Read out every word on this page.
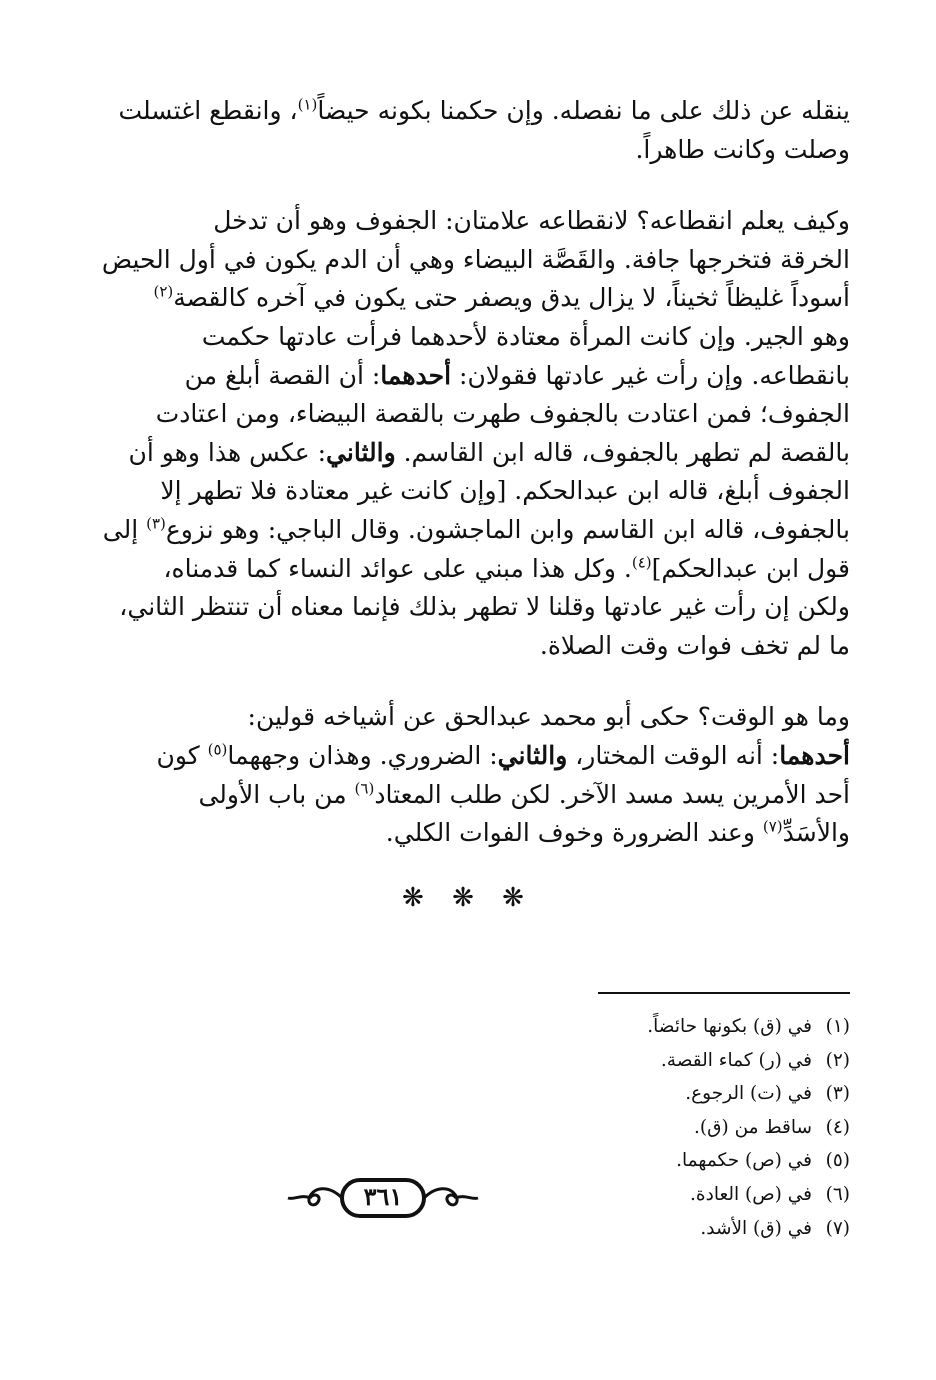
ينقله عن ذلك على ما نفصله. وإن حكمنا بكونه حيضاً$^{(١)}$، وانقطع اغتسلت
وصلت وكانت طاهراً.

وكيف يعلم انقطاعه؟ لانقطاعه علامتان: الجفوف وهو أن تدخل
الخرقة فتخرجها جافة. والقَصَّة البيضاء وهي أن الدم يكون في أول الحيض
أسوداً غليظاً ثخيناً، لا يزال يدق ويصفر حتى يكون في آخره كالقصة$^{(٢)}$
وهو الجير. وإن كانت المرأة معتادة لأحدهما فرأت عادتها حكمت
بانقطاعه. وإن رأت غير عادتها فقولان: أحدهما: أن القصة أبلغ من
الجفوف؛ فمن اعتادت بالجفوف طهرت بالقصة البيضاء، ومن اعتادت
بالقصة لم تطهر بالجفوف، قاله ابن القاسم. والثاني: عكس هذا وهو أن
الجفوف أبلغ، قاله ابن عبدالحكم. [وإن كانت غير معتادة فلا تطهر إلا
بالجفوف، قاله ابن القاسم وابن الماجشون. وقال الباجي: وهو نزوع$^{(٣)}$ إلى
قول ابن عبدالحكم]$^{(٤)}$. وكل هذا مبني على عوائد النساء كما قدمناه،
ولكن إن رأت غير عادتها وقلنا لا تطهر بذلك فإنما معناه أن تنتظر الثاني،
ما لم تخف فوات وقت الصلاة.

وما هو الوقت؟ حكى أبو محمد عبدالحق عن أشياخه قولين:
أحدهما: أنه الوقت المختار، والثاني: الضروري. وهذان وجههما$^{(٥)}$ كون
أحد الأمرين يسد مسد الآخر. لكن طلب المعتاد$^{(٦)}$ من باب الأولى
والأسَدِّ$^{(٧)}$ وعند الضرورة وخوف الفوات الكلي.

❋ ❋ ❋
(١)في (ق) بكونها حائضاً.
(٢)في (ر) كماء القصة.
(٣)في (ت) الرجوع.
(٤)ساقط من (ق).
(٥)في (ص) حكمهما.
(٦)في (ص) العادة.
(٧)في (ق) الأشد.
٣٦١
